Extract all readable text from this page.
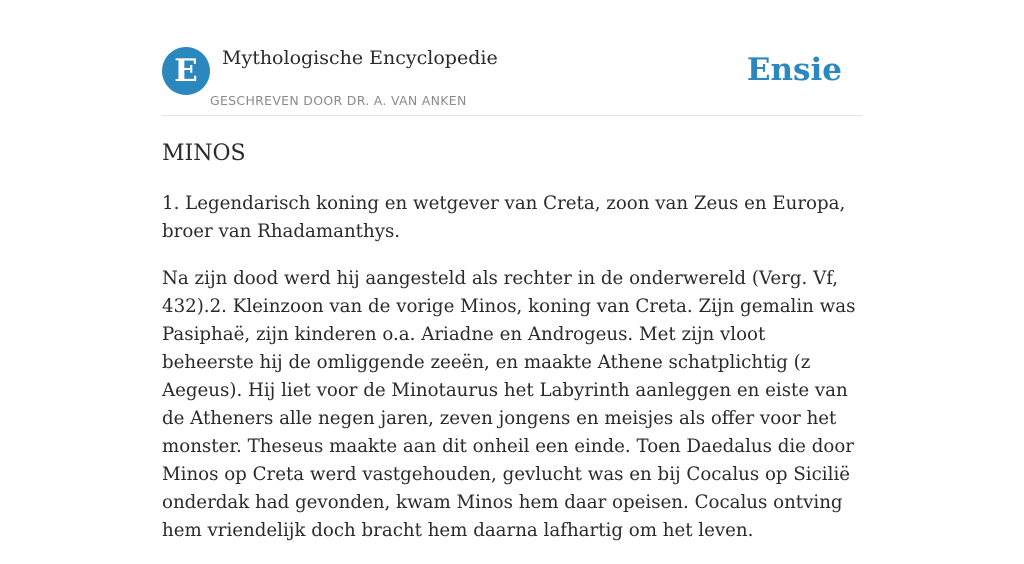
E	Mythologische Encyclopedie
GESCHREVEN DOOR DR. A. VAN ANKEN
Ensie
MINOS

1. Legendarisch koning en wetgever van Creta, zoon van Zeus en Europa, broer van Rhadamanthys.

Na zijn dood werd hij aangesteld als rechter in de onderwereld (Verg. Vf, 432).2. Kleinzoon van de vorige Minos, koning van Creta. Zijn gemalin was Pasiphaë, zijn kinderen o.a. Ariadne en Androgeus. Met zijn vloot beheerste hij de omliggende zeeën, en maakte Athene schatplichtig (z Aegeus). Hij liet voor de Minotaurus het Labyrinth aanleggen en eiste van de Atheners alle negen jaren, zeven jongens en meisjes als offer voor het monster. Theseus maakte aan dit onheil een einde. Toen Daedalus die door Minos op Creta werd vastgehouden, gevlucht was en bij Cocalus op Sicilië onderdak had gevonden, kwam Minos hem daar opeisen. Cocalus ontving hem vriendelijk doch bracht hem daarna lafhartig om het leven.
